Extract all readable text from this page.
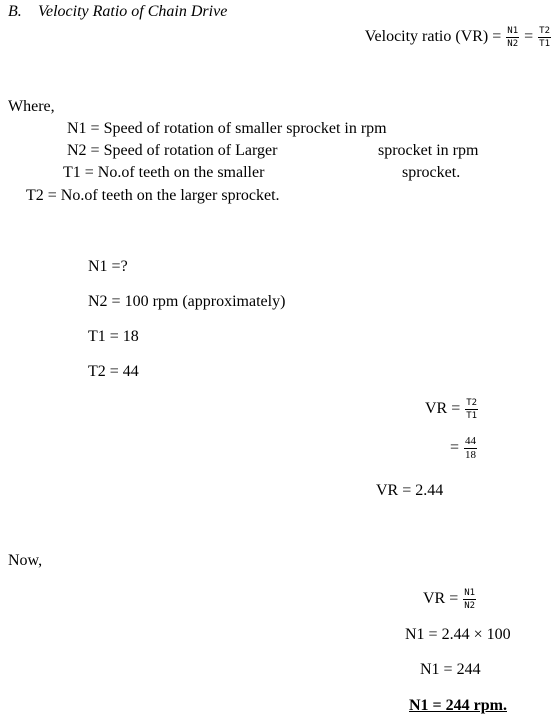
B. Velocity Ratio of Chain Drive
Velocity ratio $(VR) = \frac{N1}{N2} = \frac{T2}{T1}$
Where,
N1 = Speed of rotation of smaller sprocket in rpm
N2 = Speed of rotation of Larger	sprocket in rpm
T1 = No.of teeth on the smaller	sprocket.
T2 = No.of teeth on the larger sprocket.
N1 =?
N2 = 100 rpm (approximately)
T1 = 18
T2 = 44
VR = $\frac{T2}{T1}$
= $\frac{44}{18}$
VR = 2.44
Now,
VR = $\frac{N1}{N2}$
N1 = 2.44 × 100
N1 = 244
N1 = 244 rpm.
